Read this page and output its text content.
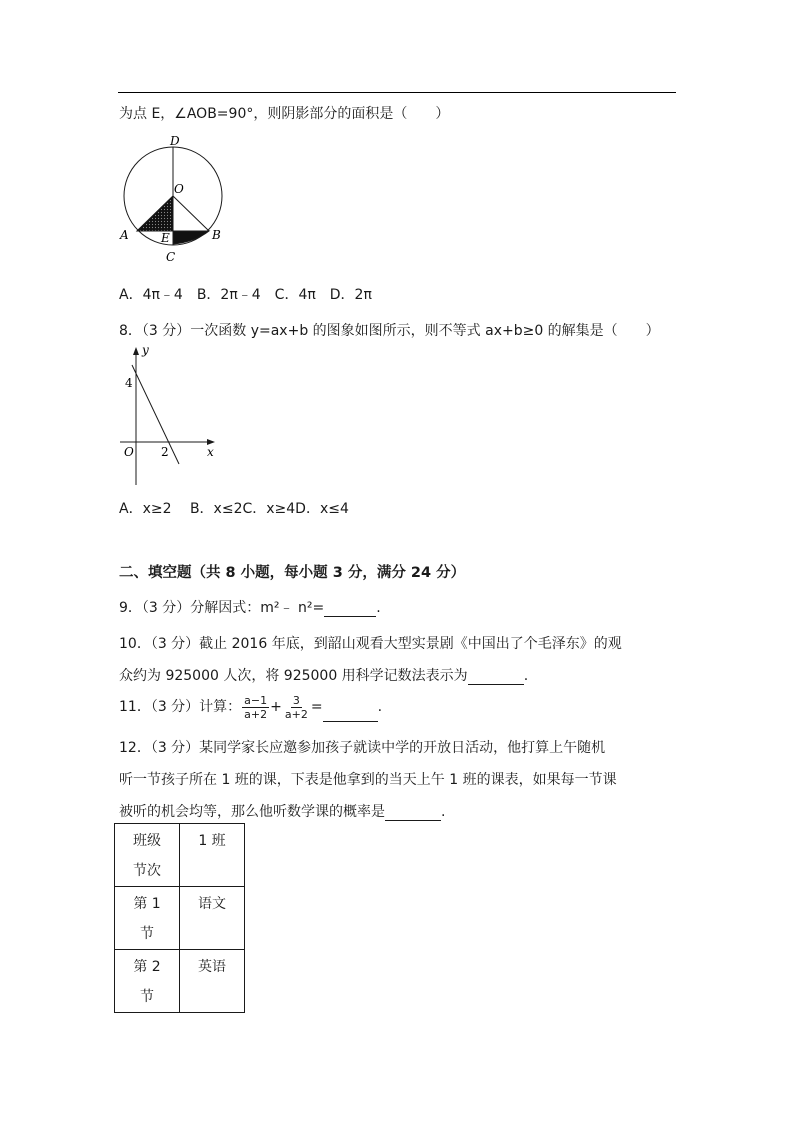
为点 E，∠AOB=90°，则阴影部分的面积是（　　）
D
O
A	E	B
C
A．4π﹣4　B．2π﹣4　C．4π　D．2π
8．（3 分）一次函数 y=ax+b 的图象如图所示，则不等式 ax+b≥0 的解集是（　　）
y
x
O
4
2
A．x≥2　 B．x≤2C．x≥4D．x≤4
二、填空题（共 8 小题，每小题 3 分，满分 24 分）
9．（3 分）分解因式：m²﹣ n²=	.
10．（3 分）截止 2016 年底，到韶山观看大型实景剧《中国出了个毛泽东》的观
众约为 925000 人次，将 925000 用科学记数法表示为	.
11．（3 分）计算： $\frac{a-1}{a+2} + \frac{3}{a+2}$ =	.
12．（3 分）某同学家长应邀参加孩子就读中学的开放日活动，他打算上午随机
听一节孩子所在 1 班的课，下表是他拿到的当天上午 1 班的课表，如果每一节课
被听的机会均等，那么他听数学课的概率是	.
班级
节次	1 班

第 1
节	语文

第 2
节	英语
